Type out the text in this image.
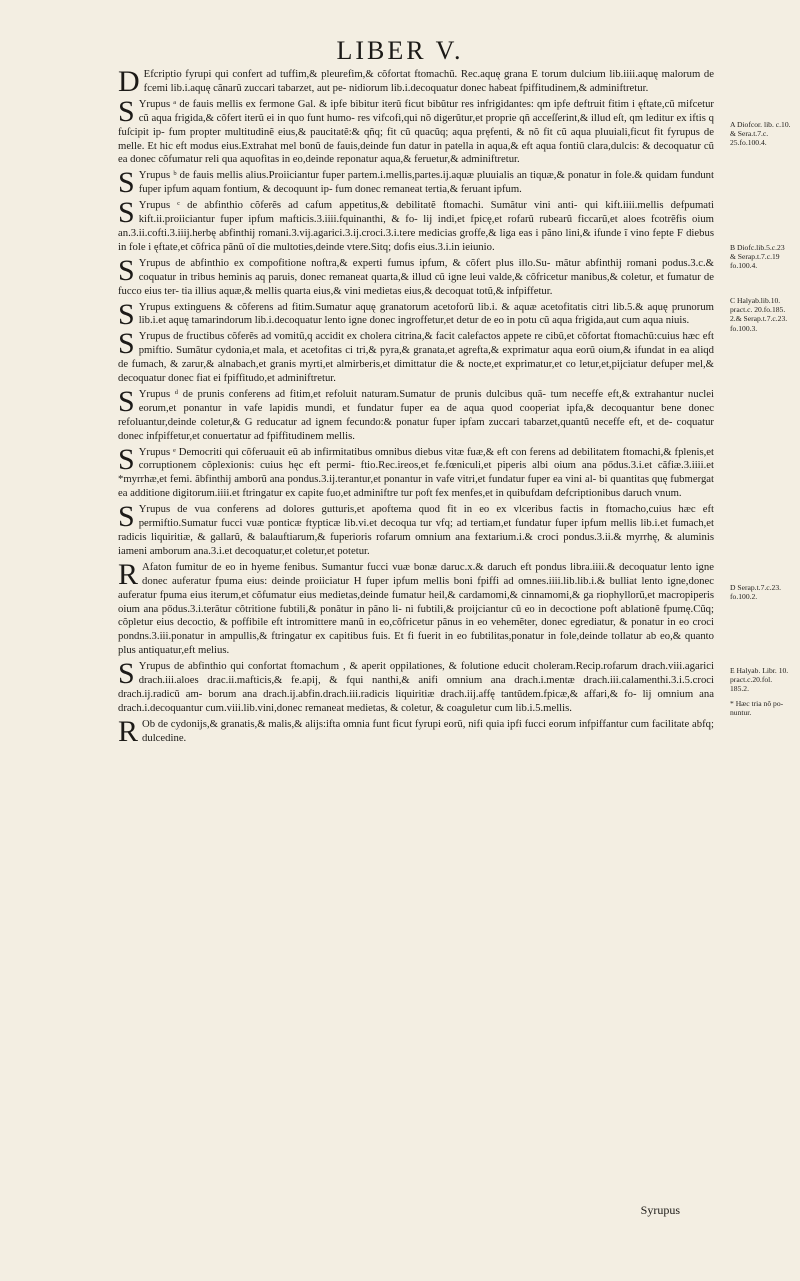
LIBER V.
D Efcriptio fyrupi qui confert ad tuffim,& pleurefim,& cõfortat ftomachũ. Rec.aquę grana E torum dulcium lib.iiii.aquę malorum de fcemi lib.i.aquę cãnarũ zuccari tabarzet, aut pe- nidiorum lib.i.decoquatur donec habeat fpiffitudinem,& adminiftretur.
S Yrupus ᵃ de fauis mellis ex fermone Gal. & ipfe bibitur iterũ ficut bibũtur res infrigidantes: qm ipfe deftruit fitim i ęftate,cũ mifcetur cũ aqua frigida,& cõfert iterũ ei in quo funt humo- res vifcofi,qui nõ digerũtur,et proprie qñ acceſſerint,& illud eſt, qm leditur ex iftis q fuſcipit ip- fum propter multitudinẽ eius,& paucitatẽ:& qñq; fit cũ quacũq; aqua pręfenti, & nõ fit cũ aqua pluuiali,ficut fit fyrupus de melle. Et hic eft modus eius.Extrahat mel bonũ de fauis,deinde fun datur in patella in aqua,& eft aqua fontiũ clara,dulcis: & decoquatur cũ ea donec cõfumatur reli qua aquofitas in eo,deinde reponatur aqua,& feruetur,& adminiftretur.
S Yrupus ᵇ de fauis mellis alius.Proiiciantur fuper partem.i.mellis,partes.ij.aquæ pluuialis an tiquæ,& ponatur in fole.& quidam fundunt fuper ipfum aquam fontium, & decoquunt ip- fum donec remaneat tertia,& feruant ipfum.
S Yrupus ᶜ de abfinthio cõferẽs ad cafum appetitus,& debilitatẽ ftomachi. Sumãtur vini anti- qui kift.iiii.mellis defpumati kift.ii.proiiciantur fuper ipfum mafticis.3.iiii.fquinanthi, & fo- lij indi,et fpicę,et rofarũ rubearũ ficcarũ,et aloes fcotrẽfis oium an.3.ii.cofti.3.iiij.herbę abfinthij romani.3.vij.agarici.3.ij.croci.3.i.tere medicias groffe,& liga eas i pãno lini,& ifunde ĩ vino fepte F diebus in fole i ęftate,et cõfrica pãnũ oĩ die multoties,deinde vtere.Sitq; dofis eius.3.i.in ieiunio.
S Yrupus de abfinthio ex compofitione noftra,& experti fumus ipfum, & cõfert plus illo.Su- mãtur abfinthij romani podus.3.c.& coquatur in tribus heminis aq paruis, donec remaneat quarta,& illud cũ igne leui valde,& cõfricetur manibus,& coletur, et fumatur de fucco eius ter- tia illius aquæ,& mellis quarta eius,& vini medietas eius,& decoquat totũ,& infpiffetur.
S Yrupus extinguens & cõferens ad fitim.Sumatur aquę granatorum acetoforũ lib.i. & aquæ acetofitatis citri lib.5.& aquę prunorum lib.i.et aquę tamarindorum lib.i.decoquatur lento igne donec ingroffetur,et detur de eo in potu cũ aqua frigida,aut cum aqua niuis.
S Yrupus de fructibus cõferẽs ad vomitũ,q accidit ex cholera citrina,& facit calefactos appete re cibũ,et cõfortat ftomachũ:cuius hæc eft pmiftio. Sumãtur cydonia,et mala, et acetofitas ci tri,& pyra,& granata,et agrefta,& exprimatur aqua eorũ oium,& ifundat in ea aliqd de fumach, & zarur,& alnabach,et granis myrti,et almirberis,et dimittatur die & nocte,et exprimatur,et co letur,et,pijciatur defuper mel,& decoquatur donec fiat ei fpiffitudo,et adminiftretur.
S Yrupus ᵈ de prunis conferens ad fitim,et refoluit naturam.Sumatur de prunis dulcibus quã- tum neceffe eft,& extrahantur nuclei eorum,et ponantur in vafe lapidis mundi, et fundatur fuper ea de aqua quod cooperiat ipfa,& decoquantur bene donec refoluantur,deinde coletur,& G reducatur ad ignem fecundo:& ponatur fuper ipfam zuccari tabarzet,quantũ neceffe eft, et de- coquatur donec infpiffetur,et conuertatur ad fpiffitudinem mellis.
S Yrupus ᵉ Democriti qui cõferuauit eũ ab infirmitatibus omnibus diebus vitæ fuæ,& eft con ferens ad debilitatem ftomachi,& fplenis,et corruptionem cõplexionis: cuius hęc eft permi- ftio.Rec.ireos,et fe.fœniculi,et piperis albi oium ana pődus.3.i.et căfiæ.3.iiii.et *myrrhæ,et femi. ãbfinthij amborũ ana pondus.3.ij.terantur,et ponantur in vafe vitri,et fundatur fuper ea vini al- bi quantitas quę fubmergat ea additione digitorum.iiii.et ftringatur ex capite fuo,et adminiftre tur poft fex menfes,et in quibufdam defcriptionibus daruch vnum.
S Yrupus de vua conferens ad dolores gutturis,et apoftema quod fit in eo ex vlceribus factis in ftomacho,cuius hæc eft permiftio.Sumatur fucci vuæ ponticæ ftypticæ lib.vi.et decoqua tur vfq; ad tertiam,et fundatur fuper ipfum mellis lib.i.et fumach,et radicis liquiritiæ, & gallarũ, & balauftiarum,& fuperioris rofarum omnium ana fextarium.i.& croci pondus.3.ii.& myrrhę, & aluminis iameni amborum ana.3.i.et decoquatur,et coletur,et potetur.
R Afaton fumitur de eo in hyeme fenibus. Sumantur fucci vuæ bonæ daruc.x.& daruch eft pondus libra.iiii.& decoquatur lento igne donec auferatur fpuma eius: deinde proiiciatur H fuper ipfum mellis boni fpiffi ad omnes.iiii.lib.lib.i.& bulliat lento igne,donec auferatur fpuma eius iterum,et cõfumatur eius medietas,deinde fumatur heil,& cardamomi,& cinnamomi,& ga riophyllorũ,et macropiperis oium ana pődus.3.i.terãtur cõtritione fubtili,& ponãtur in pãno li- ni fubtili,& proijciantur cũ eo in decoctione poft ablationẽ fpumę.Cũq; cõpletur eius decoctio, & poffibile eft intromittere manũ in eo,cõfricetur pãnus in eo vehemẽter, donec egrediatur, & ponatur in eo croci pondns.3.iii.ponatur in ampullis,& ftringatur ex capitibus fuis. Et fi fuerit in eo fubtilitas,ponatur in fole,deinde tollatur ab eo,& quanto plus antiquatur,eft melius.
S Yrupus de abfinthio qui confortat ftomachum , & aperit oppilationes, & folutione educit choleram.Recip.rofarum drach.viii.agarici drach.iii.aloes drac.ii.mafticis,& fe.apij, & fqui nanthi,& anifi omnium ana drach.i.mentæ drach.iii.calamenthi.3.i.5.croci drach.ij.radicũ am- borum ana drach.ij.abfin.drach.iii.radicis liquiritiæ drach.iij.affę tantũdem.fpicæ,& affari,& fo- lij omnium ana drach.i.decoquantur cum.viii.lib.vini,donec remaneat medietas, & coletur, & coaguletur cum lib.i.5.mellis.
R Ob de cydonijs,& granatis,& malis,& alijs:ifta omnia funt ficut fyrupi eorũ, nifi quia ipfi fucci eorum infpiffantur cum facilitate abfq; dulcedine.
A Diofcor. lib. c.10. & Sera.t.7.c. 25.fo.100.4.
B Diofc.lib.5.c.23 & Serap.t.7.c.19 fo.100.4.
C Halyab.lib.10. pract.c. 20.fo.185. 2.& Serap.t.7.c.23. fo.100.3.
D Serap.t.7.c.23. fo.100.2.
E Halyab. Libr. 10. pract.c.20.fol. 185.2.
* Hæc tria nõ po- nuntur.
Syrupus
